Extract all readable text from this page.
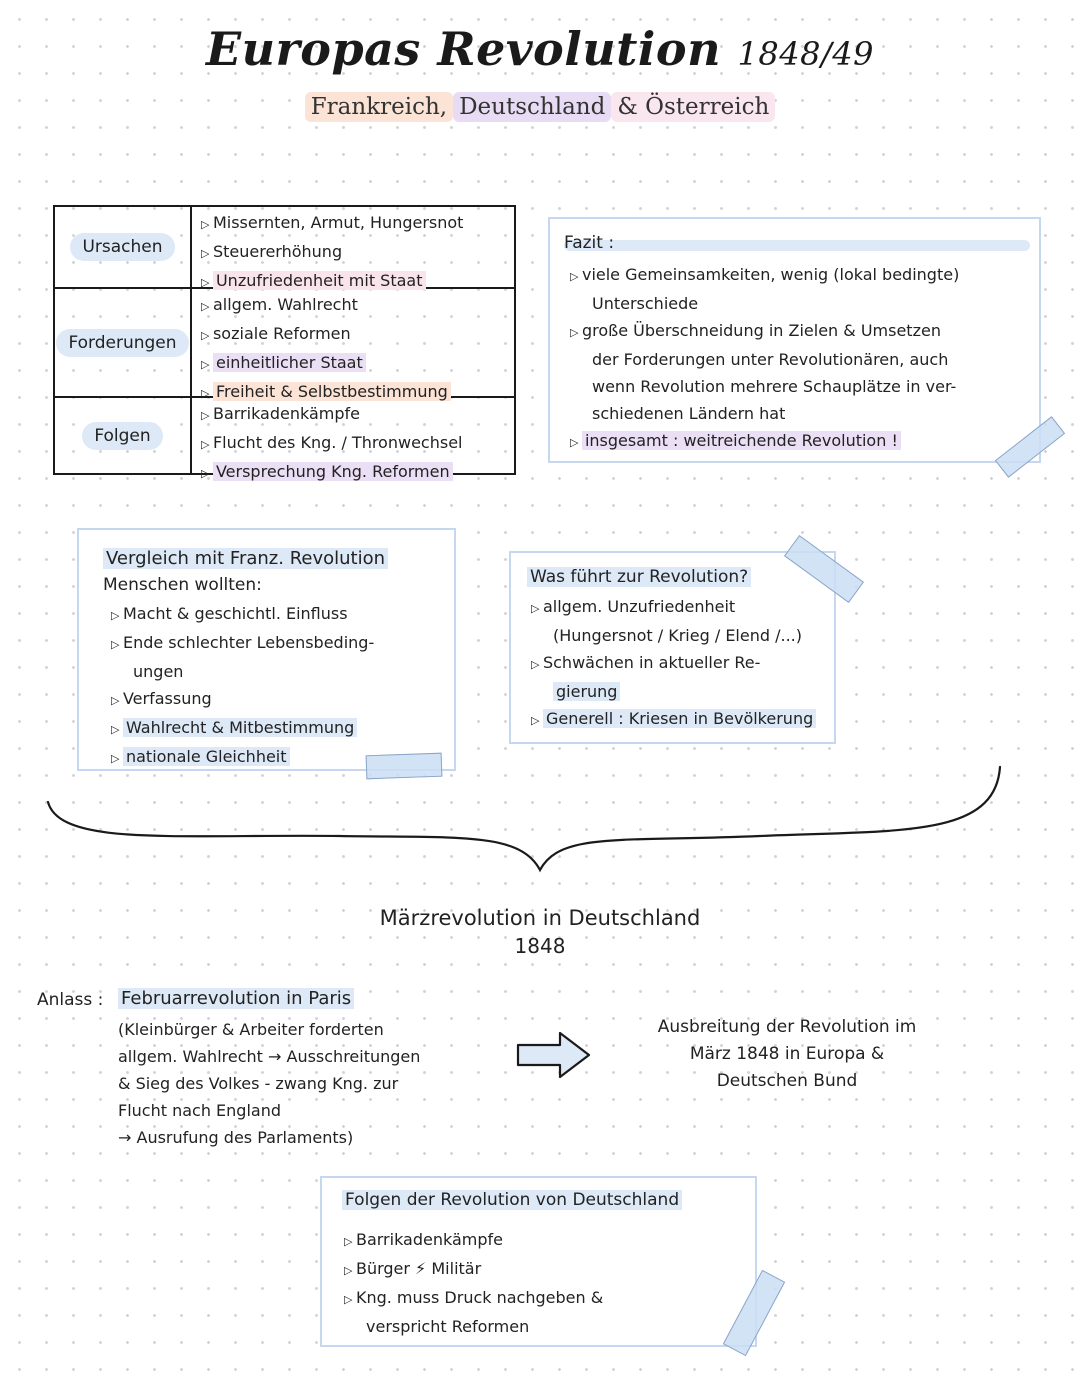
Europas Revolution 1848/49
Frankreich, Deutschland & Österreich
Ursachen
▷ Missernten, Armut, Hungersnot
▷ Steuererhöhung
▷ Unzufriedenheit mit Staat
Forderungen
▷ allgem. Wahlrecht
▷ soziale Reformen
▷ einheitlicher Staat
▷ Freiheit & Selbstbestimmung
Folgen
▷ Barrikadenkämpfe
▷ Flucht des Kng. / Thronwechsel
▷ Versprechung Kng. Reformen
Fazit :
▷ viele Gemeinsamkeiten, wenig (lokal bedingte)
Unterschiede
▷ große Überschneidung in Zielen & Umsetzen
der Forderungen unter Revolutionären, auch
wenn Revolution mehrere Schauplätze in ver-
schiedenen Ländern hat
▷ insgesamt : weitreichende Revolution !
Vergleich mit Franz. Revolution
Menschen wollten:
▷ Macht & geschichtl. Einfluss
▷ Ende schlechter Lebensbeding-
ungen
▷ Verfassung
▷ Wahlrecht & Mitbestimmung
▷ nationale Gleichheit
Was führt zur Revolution?
▷ allgem. Unzufriedenheit
(Hungersnot / Krieg / Elend /...)
▷ Schwächen in aktueller Re-
gierung
▷ Generell : Kriesen in Bevölkerung
Märzrevolution in Deutschland
1848
Anlass : Februarrevolution in Paris
(Kleinbürger & Arbeiter forderten
allgem. Wahlrecht → Ausschreitungen
& Sieg des Volkes - zwang Kng. zur
Flucht nach England
→ Ausrufung des Parlaments)
Ausbreitung der Revolution im
März 1848 in Europa &
Deutschen Bund
Folgen der Revolution von Deutschland
▷ Barrikadenkämpfe
▷ Bürger ⚡ Militär
▷ Kng. muss Druck nachgeben &
verspricht Reformen
